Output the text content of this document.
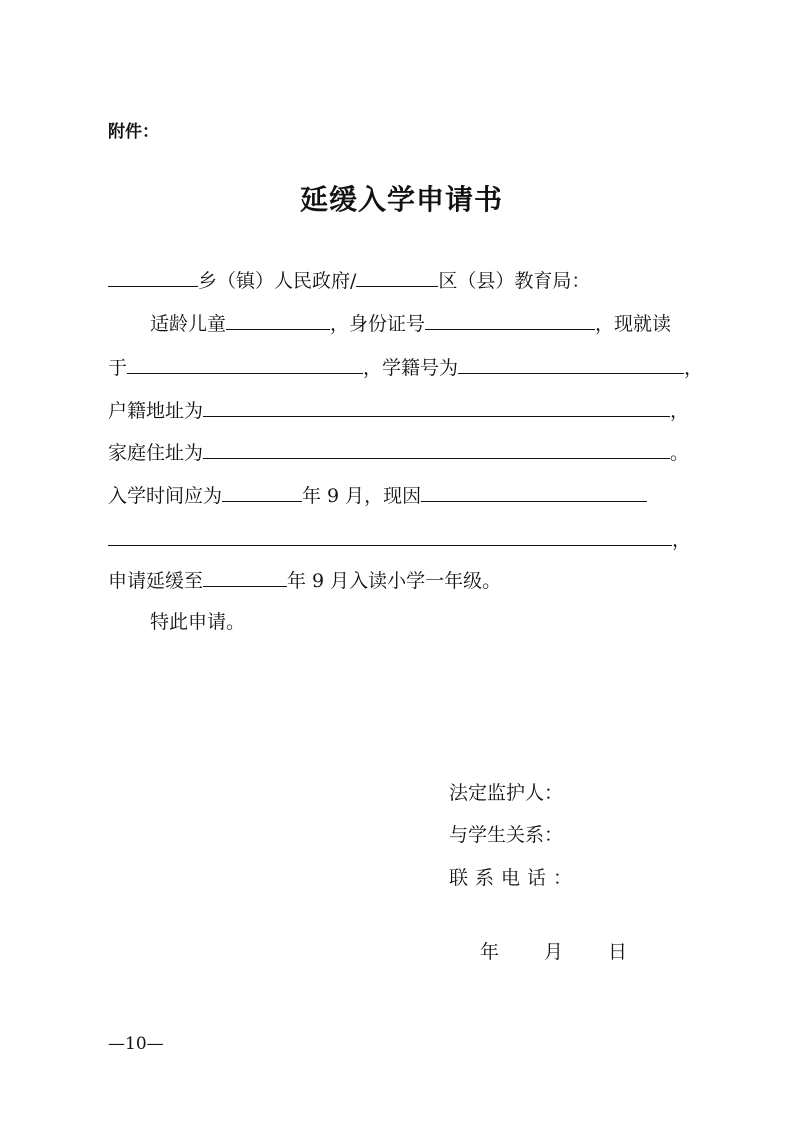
附件：
延缓入学申请书
乡（镇）人民政府/	区（县）教育局：
适龄儿童	，身份证号	，现就读
于	，学籍号为	，
户籍地址为	，
家庭住址为	。
入学时间应为	年 9 月，现因
，
申请延缓至	年 9 月入读小学一年级。
特此申请。
法定监护人：
与学生关系：
联系电话：
年 月 日
—10—
